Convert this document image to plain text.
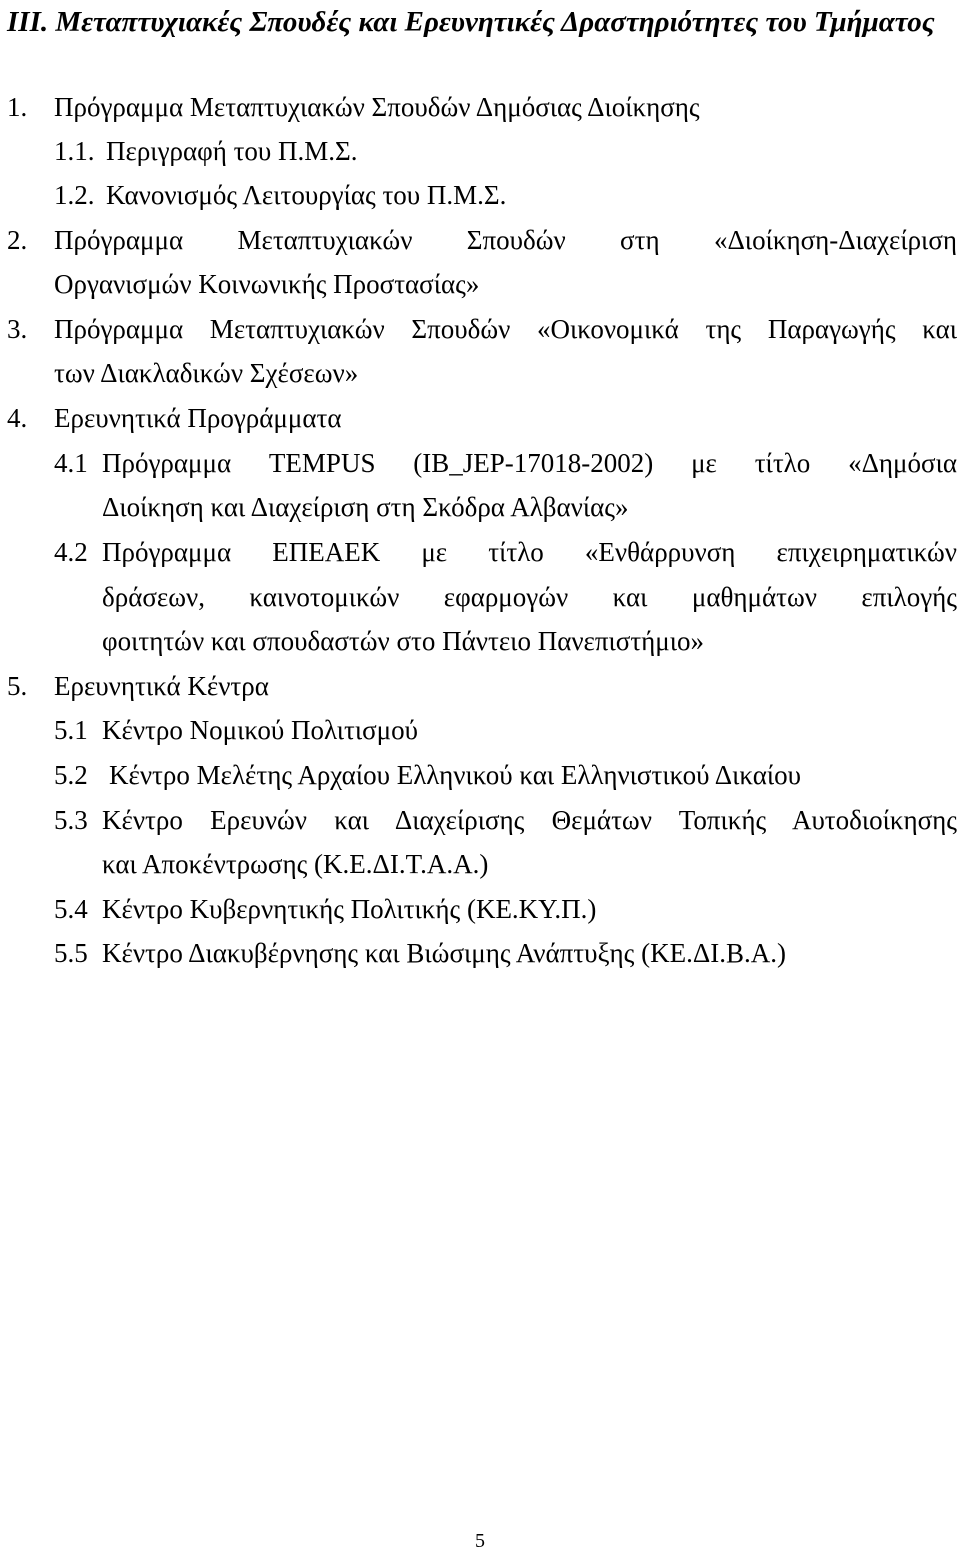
III. Μεταπτυχιακές Σπουδές και Ερευνητικές Δραστηριότητες του Τμήματος

1. Πρόγραμμα Μεταπτυχιακών Σπουδών Δημόσιας Διοίκησης
1.1. Περιγραφή του Π.Μ.Σ.
1.2. Κανονισμός Λειτουργίας του Π.Μ.Σ.
2. Πρόγραμμα Μεταπτυχιακών Σπουδών στη «Διοίκηση-Διαχείριση
Οργανισμών Κοινωνικής Προστασίας»
3. Πρόγραμμα Μεταπτυχιακών Σπουδών «Οικονομικά της Παραγωγής και
των Διακλαδικών Σχέσεων»
4. Ερευνητικά Προγράμματα
4.1 Πρόγραμμα TEMPUS (IB_JEP-17018-2002) με τίτλο «Δημόσια
Διοίκηση και Διαχείριση στη Σκόδρα Αλβανίας»
4.2 Πρόγραμμα ΕΠΕΑΕΚ με τίτλο «Ενθάρρυνση επιχειρηματικών
δράσεων, καινοτομικών εφαρμογών και μαθημάτων επιλογής
φοιτητών και σπουδαστών στο Πάντειο Πανεπιστήμιο»
5. Ερευνητικά Κέντρα
5.1 Κέντρο Νομικού Πολιτισμού
5.2 Κέντρο Μελέτης Αρχαίου Ελληνικού και Ελληνιστικού Δικαίου
5.3 Κέντρο Ερευνών και Διαχείρισης Θεμάτων Τοπικής Αυτοδιοίκησης
και Αποκέντρωσης (Κ.Ε.ΔΙ.Τ.Α.Α.)
5.4 Κέντρο Κυβερνητικής Πολιτικής (ΚΕ.ΚΥ.Π.)
5.5 Κέντρο Διακυβέρνησης και Βιώσιμης Ανάπτυξης (ΚΕ.ΔΙ.Β.Α.)
5
